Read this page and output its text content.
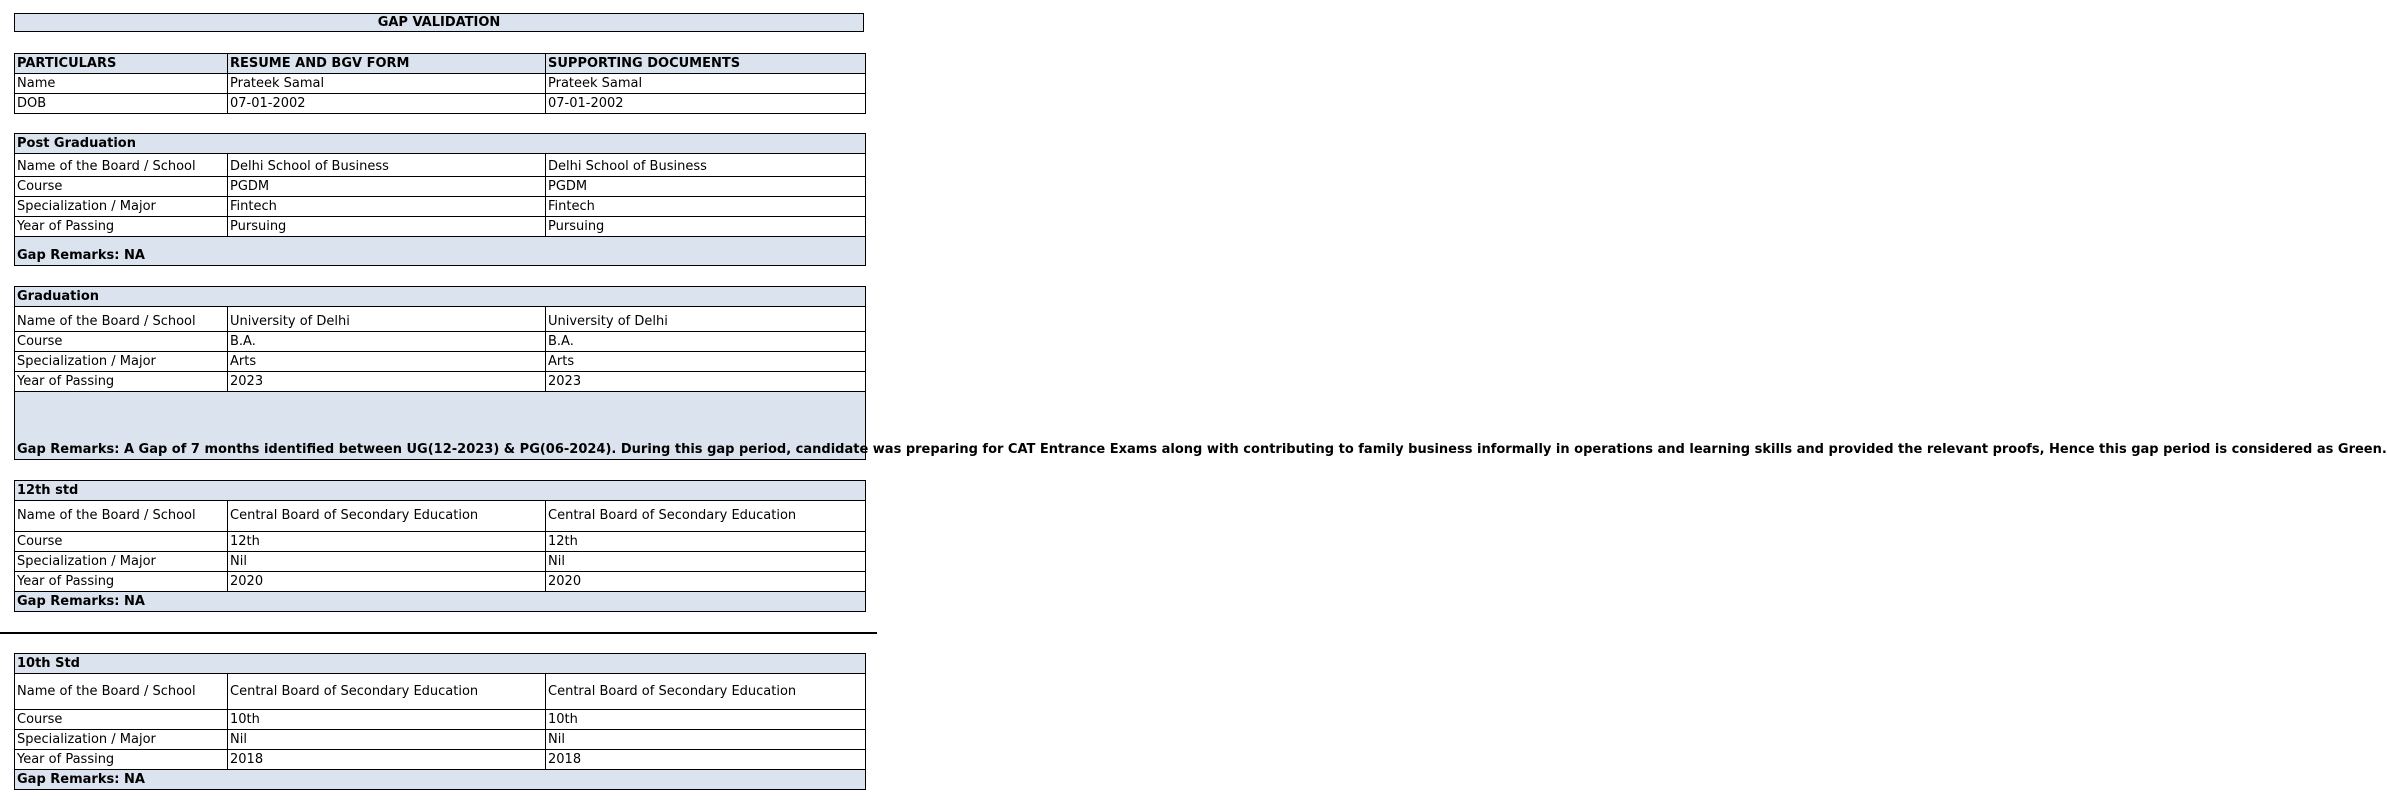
GAP VALIDATION
PARTICULARS	RESUME AND BGV FORM	SUPPORTING DOCUMENTS
Name	Prateek Samal	Prateek Samal
DOB	07-01-2002	07-01-2002
Post Graduation		
Name of the Board / School	Delhi School of Business	Delhi School of Business
Course	PGDM	PGDM
Specialization / Major	Fintech	Fintech
Year of Passing	Pursuing	Pursuing
Gap Remarks: NA		
Graduation		
Name of the Board / School	University of Delhi	University of Delhi
Course	B.A.	B.A.
Specialization / Major	Arts	Arts
Year of Passing	2023	2023
Gap Remarks: A Gap of 7 months identified between UG(12-2023) & PG(06-2024). During this gap period, candidate was preparing for CAT Entrance Exams along with contributing to family business informally in operations and learning skills and provided the relevant proofs, Hence this gap period is considered as Green.		
12th std		
Name of the Board / School	Central Board of Secondary Education	Central Board of Secondary Education
Course	12th	12th
Specialization / Major	Nil	Nil
Year of Passing	2020	2020
Gap Remarks: NA		
10th Std		
Name of the Board / School	Central Board of Secondary Education	Central Board of Secondary Education
Course	10th	10th
Specialization / Major	Nil	Nil
Year of Passing	2018	2018
Gap Remarks: NA		
